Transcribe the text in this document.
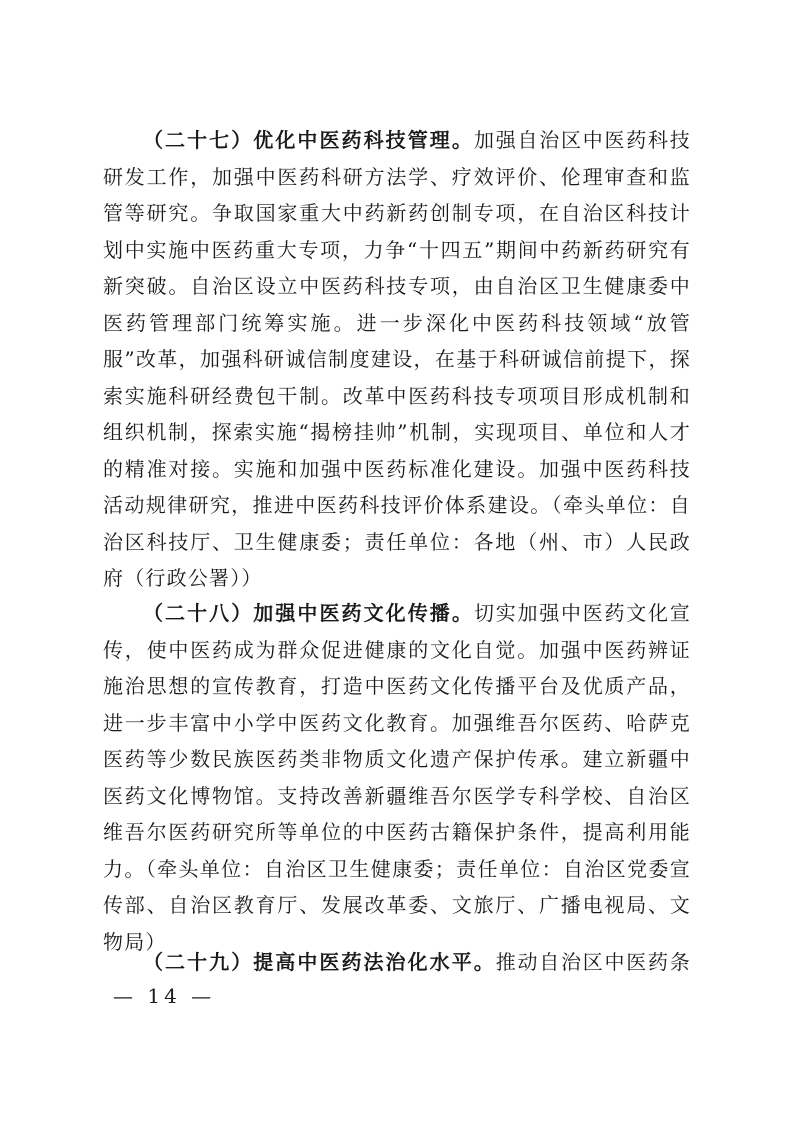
（二十七）优化中医药科技管理。加强自治区中医药科技研发工作，加强中医药科研方法学、疗效评价、伦理审查和监管等研究。争取国家重大中药新药创制专项，在自治区科技计划中实施中医药重大专项，力争“十四五”期间中药新药研究有新突破。自治区设立中医药科技专项，由自治区卫生健康委中医药管理部门统筹实施。进一步深化中医药科技领域“放管服”改革，加强科研诚信制度建设，在基于科研诚信前提下，探索实施科研经费包干制。改革中医药科技专项项目形成机制和组织机制，探索实施“揭榜挂帅”机制，实现项目、单位和人才的精准对接。实施和加强中医药标准化建设。加强中医药科技活动规律研究，推进中医药科技评价体系建设。（牵头单位：自治区科技厅、卫生健康委；责任单位：各地（州、市）人民政府（行政公署））

（二十八）加强中医药文化传播。切实加强中医药文化宣传，使中医药成为群众促进健康的文化自觉。加强中医药辨证施治思想的宣传教育，打造中医药文化传播平台及优质产品，进一步丰富中小学中医药文化教育。加强维吾尔医药、哈萨克医药等少数民族医药类非物质文化遗产保护传承。建立新疆中医药文化博物馆。支持改善新疆维吾尔医学专科学校、自治区维吾尔医药研究所等单位的中医药古籍保护条件，提高利用能力。（牵头单位：自治区卫生健康委；责任单位：自治区党委宣传部、自治区教育厅、发展改革委、文旅厅、广播电视局、文物局）

（二十九）提高中医药法治化水平。推动自治区中医药条

— 14 —
